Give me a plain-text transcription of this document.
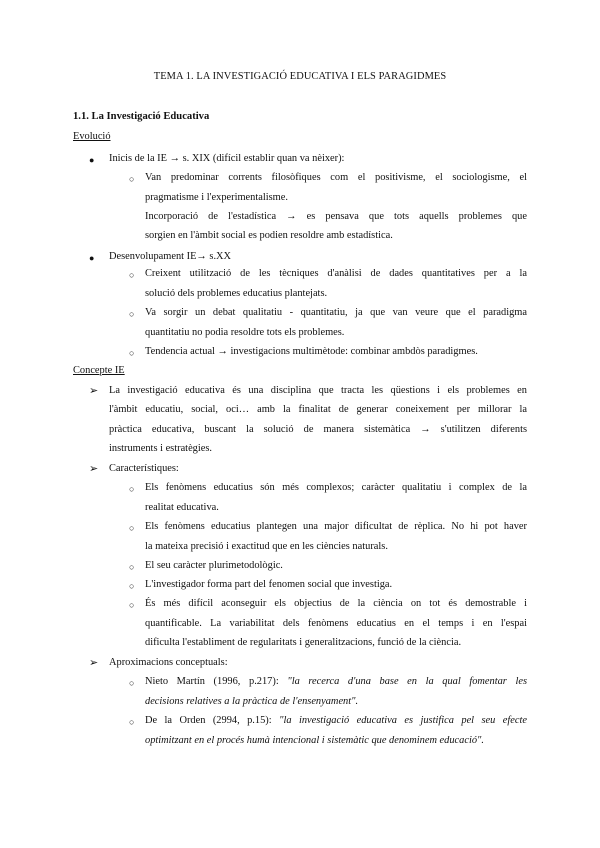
TEMA 1. LA INVESTIGACIÓ EDUCATIVA I ELS PARAGIDMES
1.1. La Investigació Educativa
Evolució
● Inicis de la IE → s. XIX (difícil establir quan va nèixer):
○ Van predominar corrents filosòfiques com el positivisme, el sociologisme, el
pragmatisme i l'experimentalisme.
Incorporació de l'estadística → es pensava que tots aquells problemes que
sorgien en l'àmbit social es podien resoldre amb estadística.
● Desenvolupament IE→ s.XX
○ Creixent utilització de les tècniques d'anàlisi de dades quantitatives per a la
solució dels problemes educatius plantejats.
○ Va sorgir un debat qualitatiu - quantitatiu, ja que van veure que el paradigma
quantitatiu no podia resoldre tots els problemes.
○ Tendencia actual → investigacions multimètode: combinar ambdòs paradigmes.
Concepte IE
➢ La investigació educativa és una disciplina que tracta les qüestions i els problemes en
l'àmbit educatiu, social, oci… amb la finalitat de generar coneixement per millorar la
pràctica educativa, buscant la solució de manera sistemàtica → s'utilitzen diferents
instruments i estratègies.
➢ Característiques:
○ Els fenòmens educatius són més complexos; caràcter qualitatiu i complex de la
realitat educativa.
○ Els fenòmens educatius plantegen una major dificultat de rèplica. No hi pot haver
la mateixa precisió i exactitud que en les ciències naturals.
○ El seu caràcter plurimetodològic.
○ L'investigador forma part del fenomen social que investiga.
○ És més difícil aconseguir els objectius de la ciència on tot és demostrable i
quantificable. La variabilitat dels fenòmens educatius en el temps i en l'espai
dificulta l'establiment de regularitats i generalitzacions, funció de la ciència.
➢ Aproximacions conceptuals:
○ Nieto Martín (1996, p.217): "la recerca d'una base en la qual fomentar les
decisions relatives a la pràctica de l'ensenyament".
○ De la Orden (2994, p.15): "la investigació educativa es justifica pel seu efecte
optimitzant en el procés humà intencional i sistemàtic que denominem educació".
